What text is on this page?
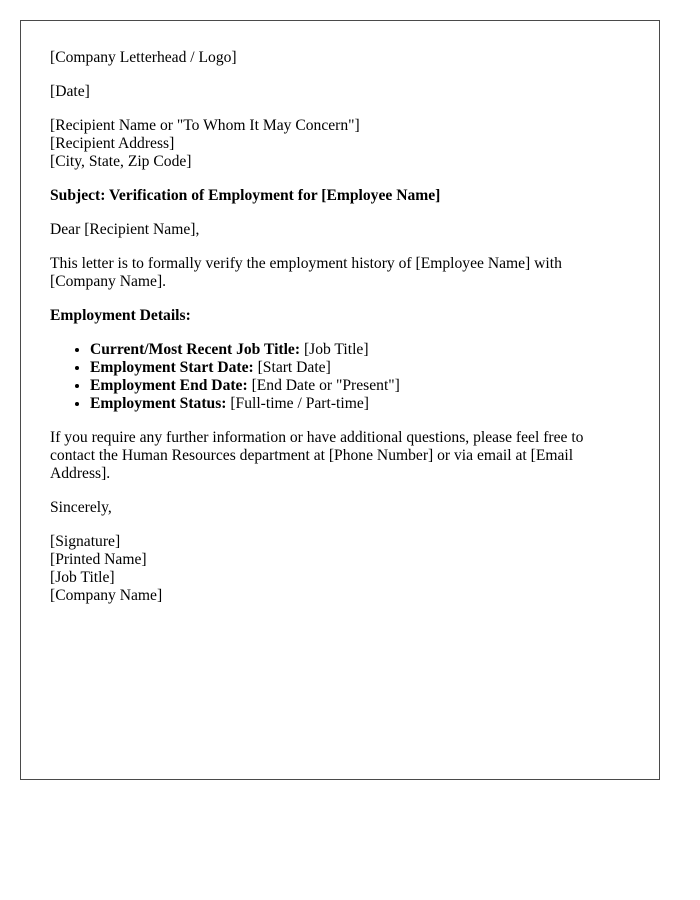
[Company Letterhead / Logo]

[Date]

[Recipient Name or "To Whom It May Concern"]
[Recipient Address]
[City, State, Zip Code]

Subject: Verification of Employment for [Employee Name]

Dear [Recipient Name],

This letter is to formally verify the employment history of [Employee Name] with [Company Name].

Employment Details:

• Current/Most Recent Job Title: [Job Title]
• Employment Start Date: [Start Date]
• Employment End Date: [End Date or "Present"]
• Employment Status: [Full-time / Part-time]

If you require any further information or have additional questions, please feel free to contact the Human Resources department at [Phone Number] or via email at [Email Address].

Sincerely,

[Signature]
[Printed Name]
[Job Title]
[Company Name]
